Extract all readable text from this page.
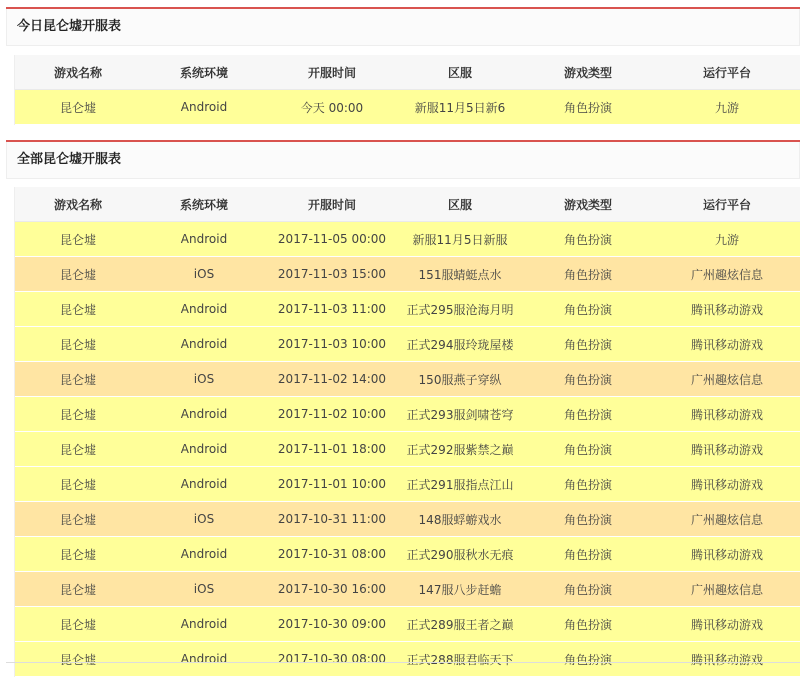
今日昆仑墟开服表
游戏名称	系统环境	开服时间	区服	游戏类型	运行平台
昆仑墟	Android	今天 00:00	新服11月5日新6	角色扮演	九游
全部昆仑墟开服表
游戏名称	系统环境	开服时间	区服	游戏类型	运行平台
昆仑墟	Android	2017-11-05 00:00	新服11月5日新服	角色扮演	九游
昆仑墟	iOS	2017-11-03 15:00	151服蜻蜓点水	角色扮演	广州趣炫信息
昆仑墟	Android	2017-11-03 11:00	正式295服沧海月明	角色扮演	腾讯移动游戏
昆仑墟	Android	2017-11-03 10:00	正式294服玲珑屋楼	角色扮演	腾讯移动游戏
昆仑墟	iOS	2017-11-02 14:00	150服燕子穿纵	角色扮演	广州趣炫信息
昆仑墟	Android	2017-11-02 10:00	正式293服剑啸苍穹	角色扮演	腾讯移动游戏
昆仑墟	Android	2017-11-01 18:00	正式292服紫禁之巅	角色扮演	腾讯移动游戏
昆仑墟	Android	2017-11-01 10:00	正式291服指点江山	角色扮演	腾讯移动游戏
昆仑墟	iOS	2017-10-31 11:00	148服蜉蝣戏水	角色扮演	广州趣炫信息
昆仑墟	Android	2017-10-31 08:00	正式290服秋水无痕	角色扮演	腾讯移动游戏
昆仑墟	iOS	2017-10-30 16:00	147服八步赶蟾	角色扮演	广州趣炫信息
昆仑墟	Android	2017-10-30 09:00	正式289服王者之巅	角色扮演	腾讯移动游戏
昆仑墟	Android	2017-10-30 08:00	正式288服君临天下	角色扮演	腾讯移动游戏
